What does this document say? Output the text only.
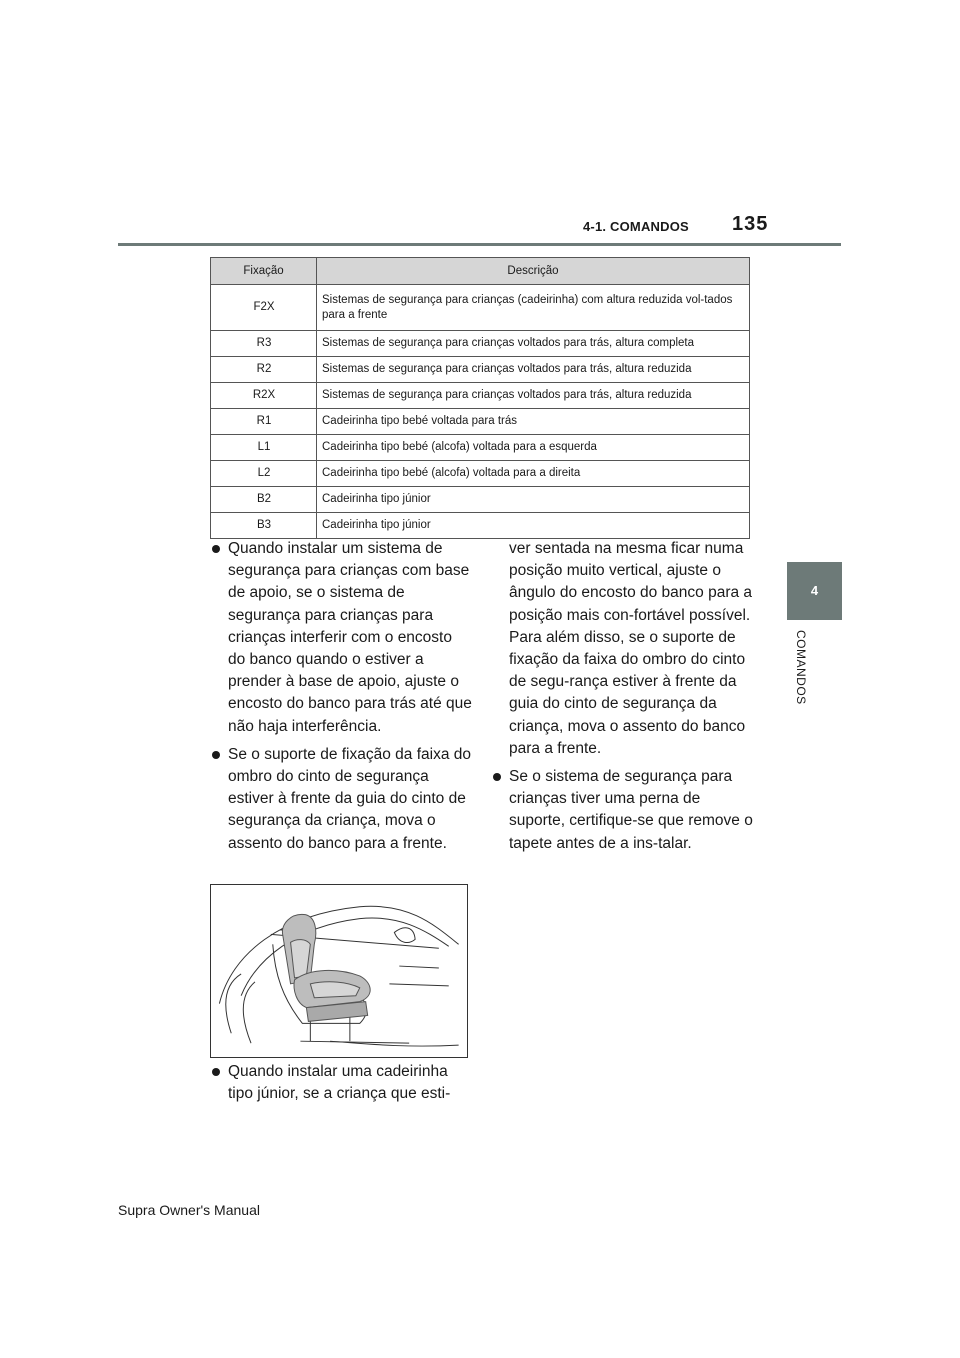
4-1. COMANDOS 135
4
COMANDOS
Fixação	Descrição
F2X	Sistemas de segurança para crianças (cadeirinha) com altura reduzida vol-tados para a frente
R3	Sistemas de segurança para crianças voltados para trás, altura completa
R2	Sistemas de segurança para crianças voltados para trás, altura reduzida
R2X	Sistemas de segurança para crianças voltados para trás, altura reduzida
R1	Cadeirinha tipo bebé voltada para trás
L1	Cadeirinha tipo bebé (alcofa) voltada para a esquerda
L2	Cadeirinha tipo bebé (alcofa) voltada para a direita
B2	Cadeirinha tipo júnior
B3	Cadeirinha tipo júnior
Quando instalar um sistema de segurança para crianças com base de apoio, se o sistema de segurança para crianças para crianças interferir com o encosto do banco quando o estiver a prender à base de apoio, ajuste o encosto do banco para trás até que não haja interferência.
Se o suporte de fixação da faixa do ombro do cinto de segurança estiver à frente da guia do cinto de segurança da criança, mova o assento do banco para a frente.
Quando instalar uma cadeirinha tipo júnior, se a criança que esti-
ver sentada na mesma ficar numa posição muito vertical, ajuste o ângulo do encosto do banco para a posição mais con-fortável possível. Para além disso, se o suporte de fixação da faixa do ombro do cinto de segu-rança estiver à frente da guia do cinto de segurança da criança, mova o assento do banco para a frente.
Se o sistema de segurança para crianças tiver uma perna de suporte, certifique-se que remove o tapete antes de a ins-talar.
Supra Owner's Manual
